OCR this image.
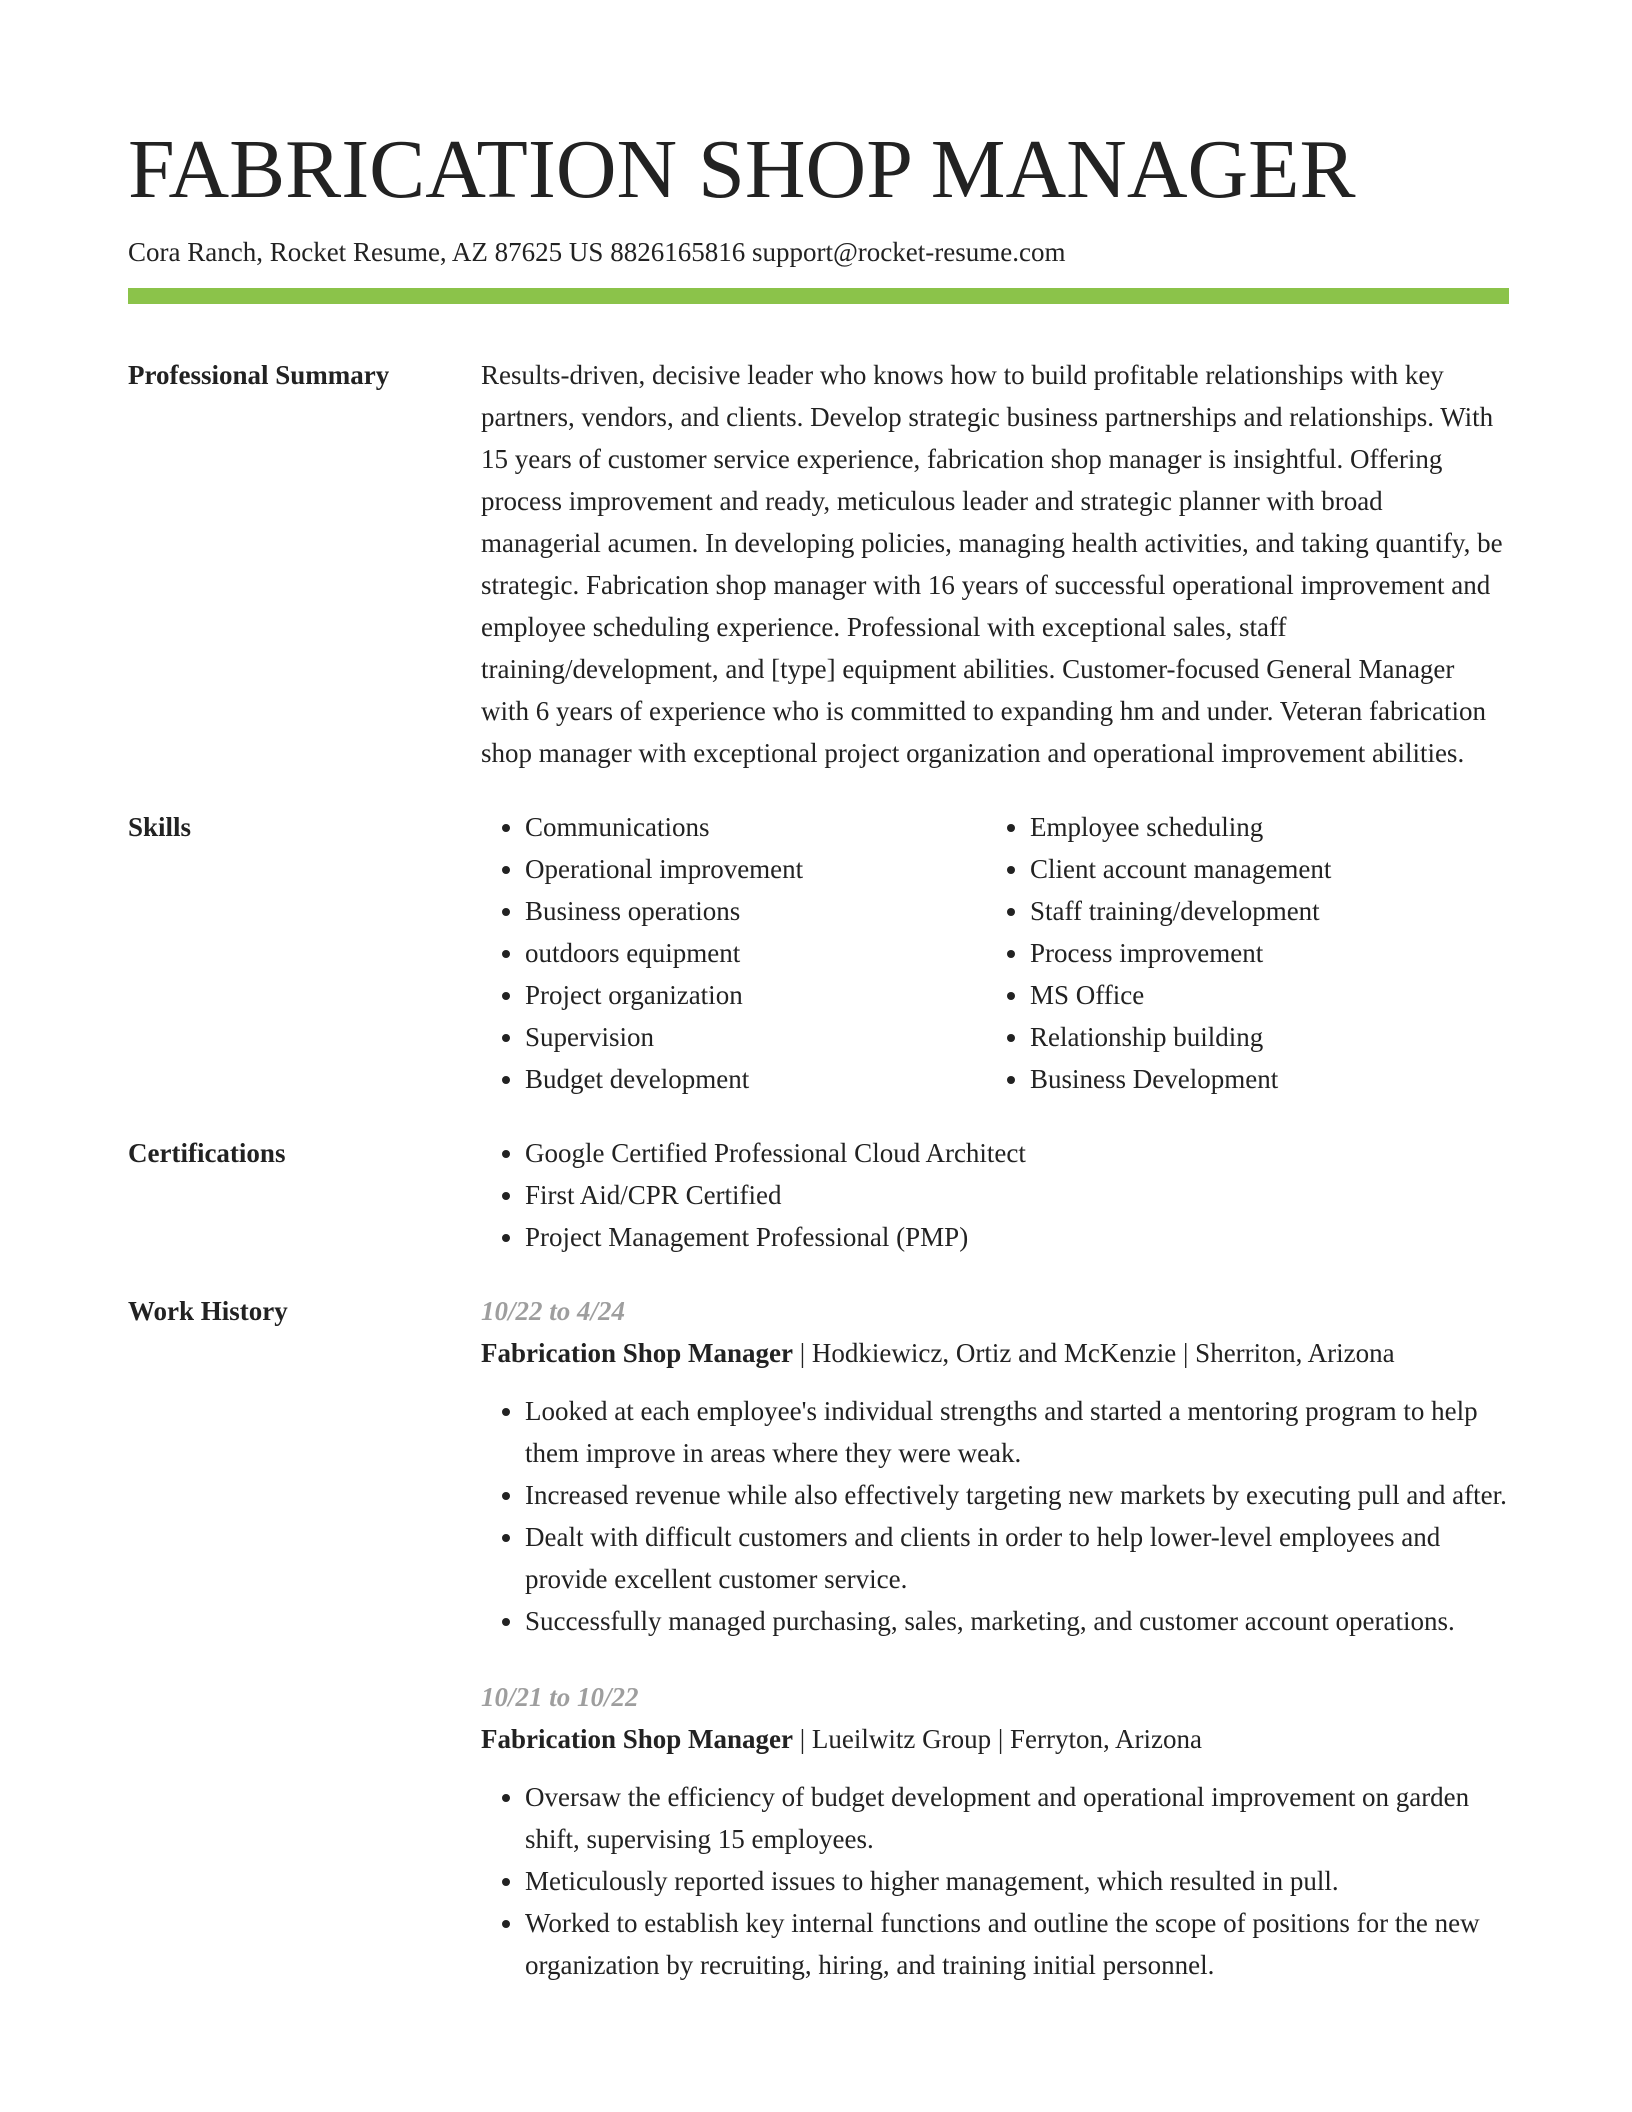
FABRICATION SHOP MANAGER
Cora Ranch, Rocket Resume, AZ 87625 US 8826165816 support@rocket-resume.com
Professional Summary	Results-driven, decisive leader who knows how to build profitable relationships with key partners, vendors, and clients. Develop strategic business partnerships and relationships. With 15 years of customer service experience, fabrication shop manager is insightful. Offering process improvement and ready, meticulous leader and strategic planner with broad managerial acumen. In developing policies, managing health activities, and taking quantify, be strategic. Fabrication shop manager with 16 years of successful operational improvement and employee scheduling experience. Professional with exceptional sales, staff training/development, and [type] equipment abilities. Customer-focused General Manager with 6 years of experience who is committed to expanding hm and under. Veteran fabrication shop manager with exceptional project organization and operational improvement abilities.
Skills	• Communications
• Operational improvement
• Business operations
• outdoors equipment
• Project organization
• Supervision
• Budget development
• Employee scheduling
• Client account management
• Staff training/development
• Process improvement
• MS Office
• Relationship building
• Business Development
Certifications	• Google Certified Professional Cloud Architect
• First Aid/CPR Certified
• Project Management Professional (PMP)
Work History	10/22 to 4/24
Fabrication Shop Manager | Hodkiewicz, Ortiz and McKenzie | Sherriton, Arizona
• Looked at each employee's individual strengths and started a mentoring program to help them improve in areas where they were weak.
• Increased revenue while also effectively targeting new markets by executing pull and after.
• Dealt with difficult customers and clients in order to help lower-level employees and provide excellent customer service.
• Successfully managed purchasing, sales, marketing, and customer account operations.
10/21 to 10/22
Fabrication Shop Manager | Lueilwitz Group | Ferryton, Arizona
• Oversaw the efficiency of budget development and operational improvement on garden shift, supervising 15 employees.
• Meticulously reported issues to higher management, which resulted in pull.
• Worked to establish key internal functions and outline the scope of positions for the new organization by recruiting, hiring, and training initial personnel.
